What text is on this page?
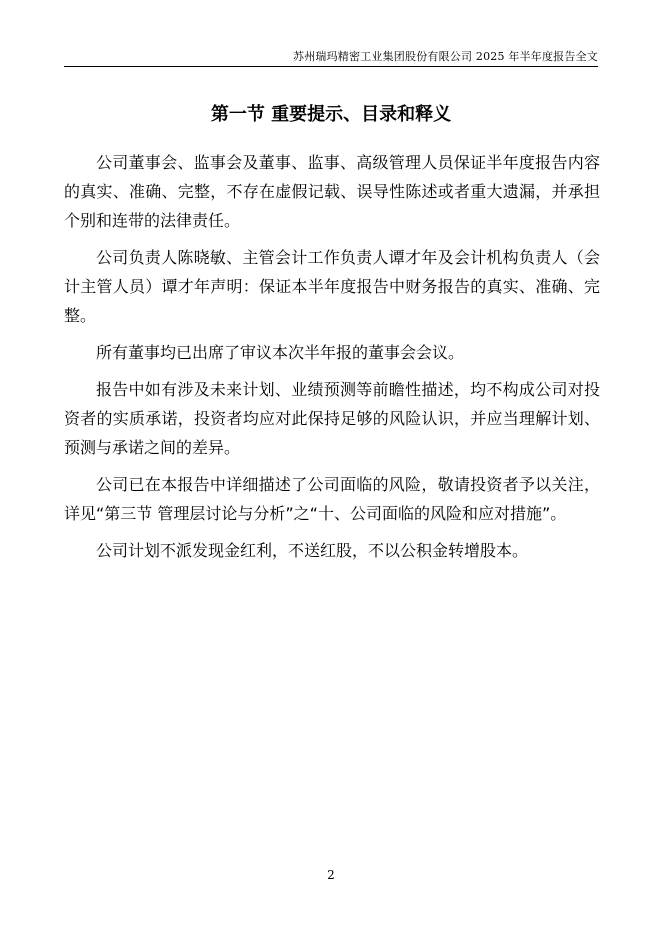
苏州瑞玛精密工业集团股份有限公司 2025 年半年度报告全文
第一节 重要提示、目录和释义

公司董事会、监事会及董事、监事、高级管理人员保证半年度报告内容的真实、准确、完整，不存在虚假记载、误导性陈述或者重大遗漏，并承担个别和连带的法律责任。

公司负责人陈晓敏、主管会计工作负责人谭才年及会计机构负责人（会计主管人员）谭才年声明：保证本半年度报告中财务报告的真实、准确、完整。

所有董事均已出席了审议本次半年报的董事会会议。

报告中如有涉及未来计划、业绩预测等前瞻性描述，均不构成公司对投资者的实质承诺，投资者均应对此保持足够的风险认识，并应当理解计划、预测与承诺之间的差异。

公司已在本报告中详细描述了公司面临的风险，敬请投资者予以关注，详见“第三节 管理层讨论与分析”之“十、公司面临的风险和应对措施”。

公司计划不派发现金红利，不送红股，不以公积金转增股本。

2
